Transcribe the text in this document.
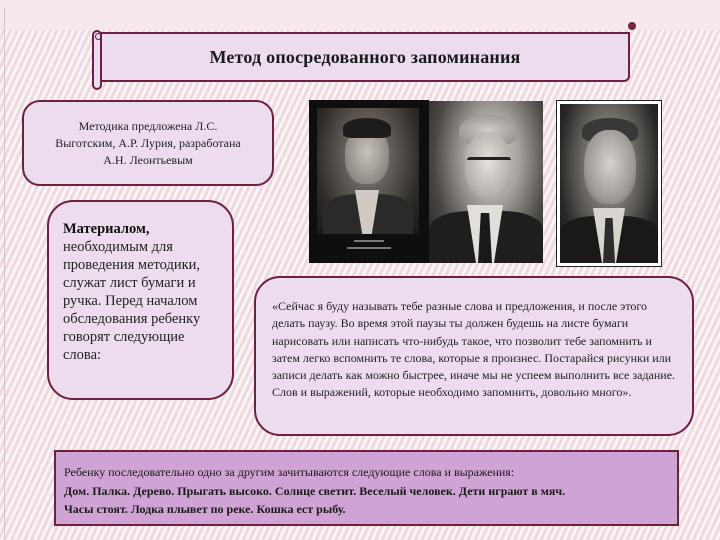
Метод опосредованного запоминания
Методика предложена Л.С.
Выготским, А.Р. Лурия, разработана
А.Н. Леонтьевым
Материалом, необходимым для проведения методики, служат лист бумаги и ручка. Перед началом обследования ребенку говорят следующие слова:

«Сейчас я буду называть тебе разные слова и предложения, и после этого делать паузу. Во время этой паузы ты должен будешь на листе бумаги нарисовать или написать что-нибудь такое, что позволит тебе запомнить и затем легко вспомнить те слова, которые я произнес. Постарайся рисунки или записи делать как можно быстрее, иначе мы не успеем выполнить все задание. Слов и выражений, которые необходимо запомнить, довольно много».

Ребенку последовательно одно за другим зачитываются следующие слова и выражения:
Дом. Палка. Дерево. Прыгать высоко. Солнце светит. Веселый человек. Дети играют в мяч.
Часы стоят. Лодка плывет по реке. Кошка ест рыбу.
